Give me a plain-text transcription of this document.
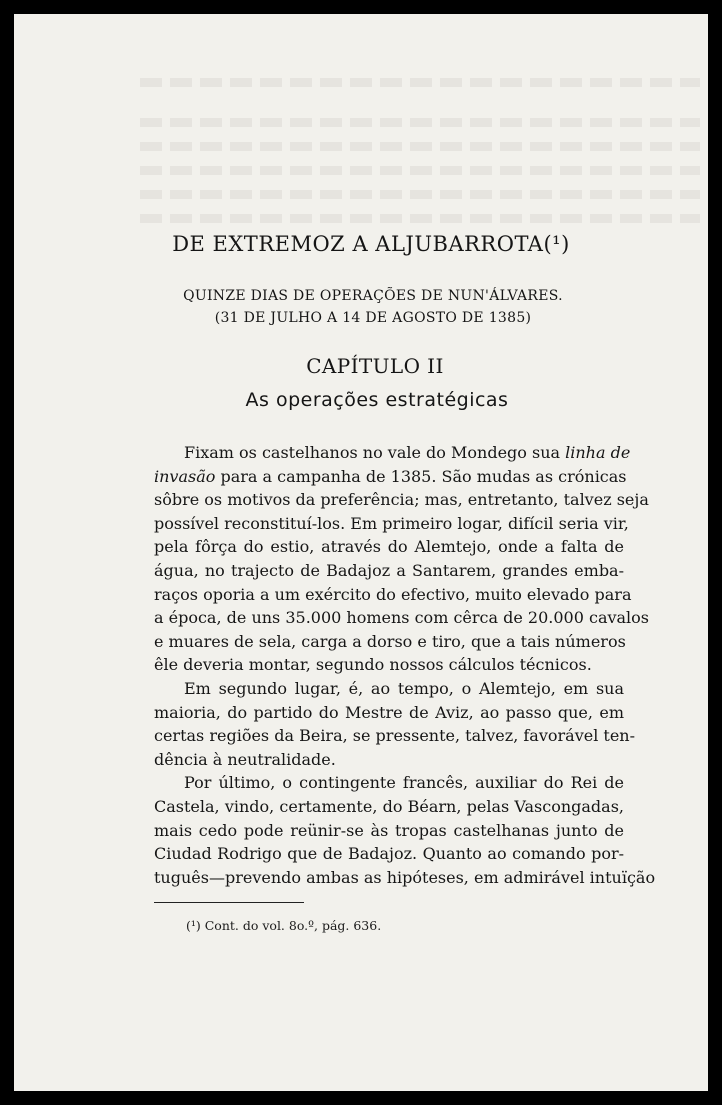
DE EXTREMOZ A ALJUBARROTA(¹)
QUINZE DIAS DE OPERAÇÕES DE NUN'ÁLVARES.
(31 DE JULHO A 14 DE AGOSTO DE 1385)
CAPÍTULO II
As operações estratégicas
Fixam os castelhanos no vale do Mondego sua linha de
invasão para a campanha de 1385. São mudas as crónicas
sôbre os motivos da preferência; mas, entretanto, talvez seja
possível reconstituí-los. Em primeiro logar, difícil seria vir,
pela fôrça do estio, através do Alemtejo, onde a falta de
água, no trajecto de Badajoz a Santarem, grandes emba-
raços oporia a um exército do efectivo, muito elevado para
a época, de uns 35.000 homens com cêrca de 20.000 cavalos
e muares de sela, carga a dorso e tiro, que a tais números
êle deveria montar, segundo nossos cálculos técnicos.
Em segundo lugar, é, ao tempo, o Alemtejo, em sua
maioria, do partido do Mestre de Aviz, ao passo que, em
certas regiões da Beira, se pressente, talvez, favorável ten-
dência à neutralidade.
Por último, o contingente francês, auxiliar do Rei de
Castela, vindo, certamente, do Béarn, pelas Vascongadas,
mais cedo pode reünir-se às tropas castelhanas junto de
Ciudad Rodrigo que de Badajoz. Quanto ao comando por-
tuguês—prevendo ambas as hipóteses, em admirável intuïção
(¹) Cont. do vol. 8o.º, pág. 636.
